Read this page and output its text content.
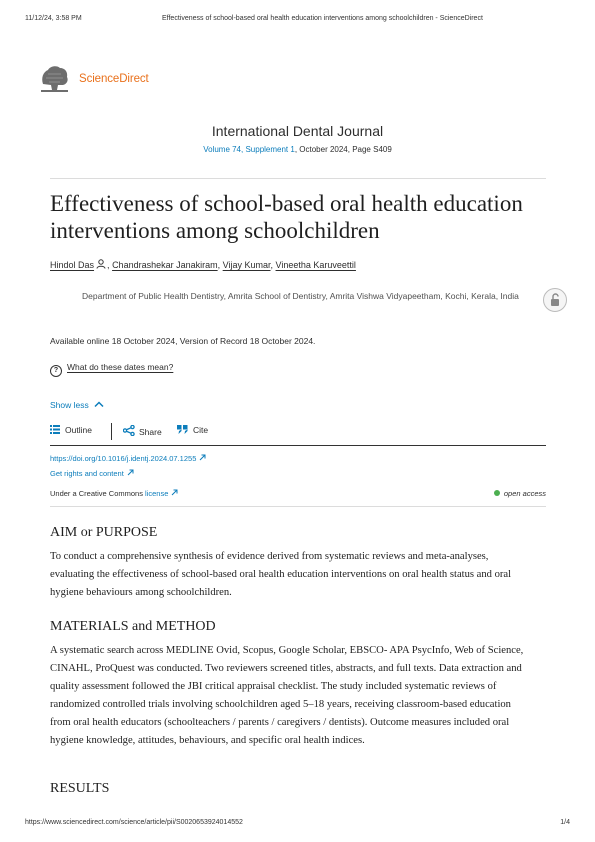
11/12/24, 3:58 PM	Effectiveness of school-based oral health education interventions among schoolchildren - ScienceDirect
ScienceDirect
International Dental Journal
Volume 74, Supplement 1, October 2024, Page S409
Effectiveness of school-based oral health education interventions among schoolchildren
Hindol Das , Chandrashekar Janakiram, Vijay Kumar, Vineetha Karuveettil
Department of Public Health Dentistry, Amrita School of Dentistry, Amrita Vishwa Vidyapeetham, Kochi, Kerala, India
Available online 18 October 2024, Version of Record 18 October 2024.
? What do these dates mean?
Show less
Outline	Share	Cite
https://doi.org/10.1016/j.identj.2024.07.1255
Get rights and content
Under a Creative Commons license	open access
AIM or PURPOSE
To conduct a comprehensive synthesis of evidence derived from systematic reviews and meta-analyses, evaluating the effectiveness of school-based oral health education interventions on oral health status and oral hygiene behaviours among schoolchildren.
MATERIALS and METHOD
A systematic search across MEDLINE Ovid, Scopus, Google Scholar, EBSCO- APA PsycInfo, Web of Science, CINAHL, ProQuest was conducted. Two reviewers screened titles, abstracts, and full texts. Data extraction and quality assessment followed the JBI critical appraisal checklist. The study included systematic reviews of randomized controlled trials involving schoolchildren aged 5–18 years, receiving classroom-based education from oral health educators (schoolteachers / parents / caregivers / dentists). Outcome measures included oral hygiene knowledge, attitudes, behaviours, and specific oral health indices.
RESULTS
https://www.sciencedirect.com/science/article/pii/S0020653924014552	1/4
